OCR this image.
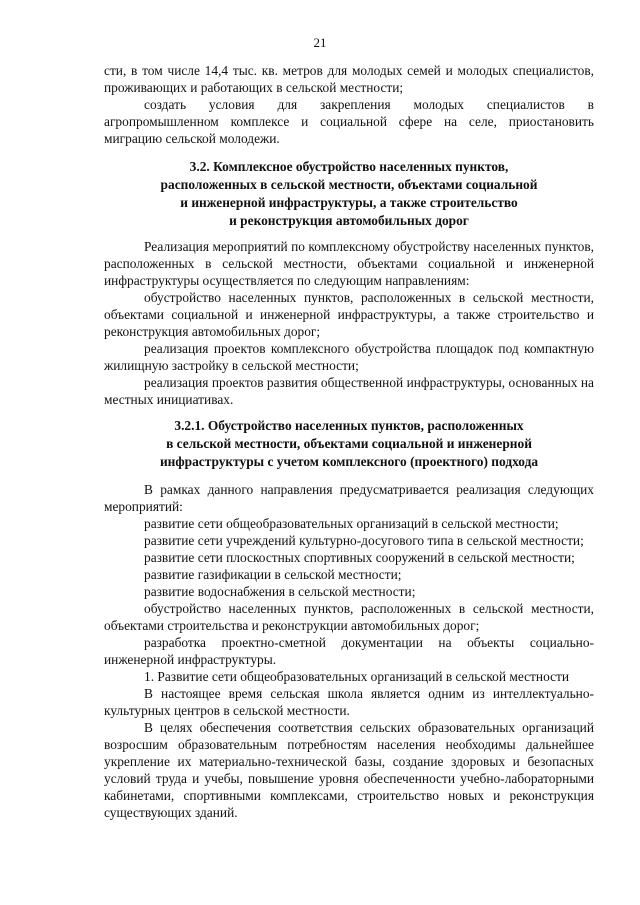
21

сти, в том числе 14,4 тыс. кв. метров для молодых семей и молодых специалистов, проживающих и работающих в сельской местности;

создать условия для закрепления молодых специалистов в агропромышленном комплексе и социальной сфере на селе, приостановить миграцию сельской молодежи.

3.2. Комплексное обустройство населенных пунктов,
расположенных в сельской местности, объектами социальной
и инженерной инфраструктуры, а также строительство
и реконструкция автомобильных дорог

Реализация мероприятий по комплексному обустройству населенных пунктов, расположенных в сельской местности, объектами социальной и инженерной инфраструктуры осуществляется по следующим направлениям:

обустройство населенных пунктов, расположенных в сельской местности, объектами социальной и инженерной инфраструктуры, а также строительство и реконструкция автомобильных дорог;

реализация проектов комплексного обустройства площадок под компактную жилищную застройку в сельской местности;

реализация проектов развития общественной инфраструктуры, основанных на местных инициативах.

3.2.1. Обустройство населенных пунктов, расположенных
в сельской местности, объектами социальной и инженерной
инфраструктуры с учетом комплексного (проектного) подхода

В рамках данного направления предусматривается реализация следующих мероприятий:

развитие сети общеобразовательных организаций в сельской местности;

развитие сети учреждений культурно-досугового типа в сельской местности;

развитие сети плоскостных спортивных сооружений в сельской местности;

развитие газификации в сельской местности;

развитие водоснабжения в сельской местности;

обустройство населенных пунктов, расположенных в сельской местности, объектами строительства и реконструкции автомобильных дорог;

разработка проектно-сметной документации на объекты социально-инженерной инфраструктуры.

1. Развитие сети общеобразовательных организаций в сельской местности

В настоящее время сельская школа является одним из интеллектуально-культурных центров в сельской местности.

В целях обеспечения соответствия сельских образовательных организаций возросшим образовательным потребностям населения необходимы дальнейшее укрепление их материально-технической базы, создание здоровых и безопасных условий труда и учебы, повышение уровня обеспеченности учебно-лабораторными кабинетами, спортивными комплексами, строительство новых и реконструкция существующих зданий.
